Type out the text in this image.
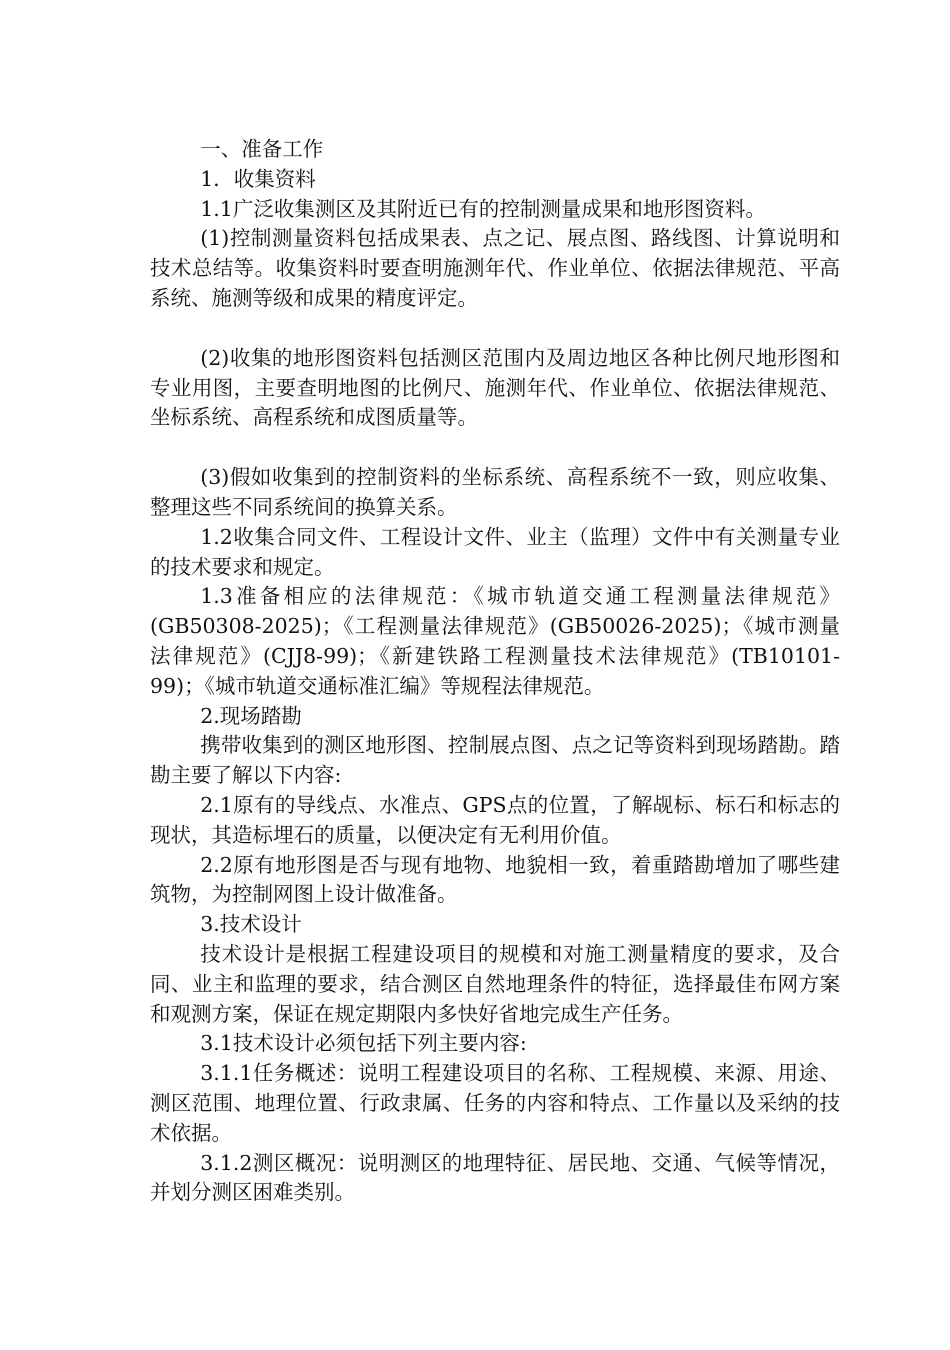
一、准备工作

1．收集资料

1.1广泛收集测区及其附近已有的控制测量成果和地形图资料。

(1)控制测量资料包括成果表、点之记、展点图、路线图、计算说明和技术总结等。收集资料时要查明施测年代、作业单位、依据法律规范、平高系统、施测等级和成果的精度评定。

(2)收集的地形图资料包括测区范围内及周边地区各种比例尺地形图和专业用图，主要查明地图的比例尺、施测年代、作业单位、依据法律规范、坐标系统、高程系统和成图质量等。

(3)假如收集到的控制资料的坐标系统、高程系统不一致，则应收集、整理这些不同系统间的换算关系。

1.2收集合同文件、工程设计文件、业主（监理）文件中有关测量专业的技术要求和规定。

1.3准备相应的法律规范：《城市轨道交通工程测量法律规范》(GB50308-2025)；《工程测量法律规范》(GB50026-2025)；《城市测量法律规范》(CJJ8-99)；《新建铁路工程测量技术法律规范》(TB10101-99)；《城市轨道交通标准汇编》等规程法律规范。

2.现场踏勘

携带收集到的测区地形图、控制展点图、点之记等资料到现场踏勘。踏勘主要了解以下内容:

2.1原有的导线点、水准点、GPS点的位置，了解觇标、标石和标志的现状，其造标埋石的质量，以便决定有无利用价值。

2.2原有地形图是否与现有地物、地貌相一致，着重踏勘增加了哪些建筑物，为控制网图上设计做准备。

3.技术设计

技术设计是根据工程建设项目的规模和对施工测量精度的要求，及合同、业主和监理的要求，结合测区自然地理条件的特征，选择最佳布网方案和观测方案，保证在规定期限内多快好省地完成生产任务。

3.1技术设计必须包括下列主要内容:

3.1.1任务概述：说明工程建设项目的名称、工程规模、来源、用途、测区范围、地理位置、行政隶属、任务的内容和特点、工作量以及采纳的技术依据。

3.1.2测区概况：说明测区的地理特征、居民地、交通、气候等情况，并划分测区困难类别。
